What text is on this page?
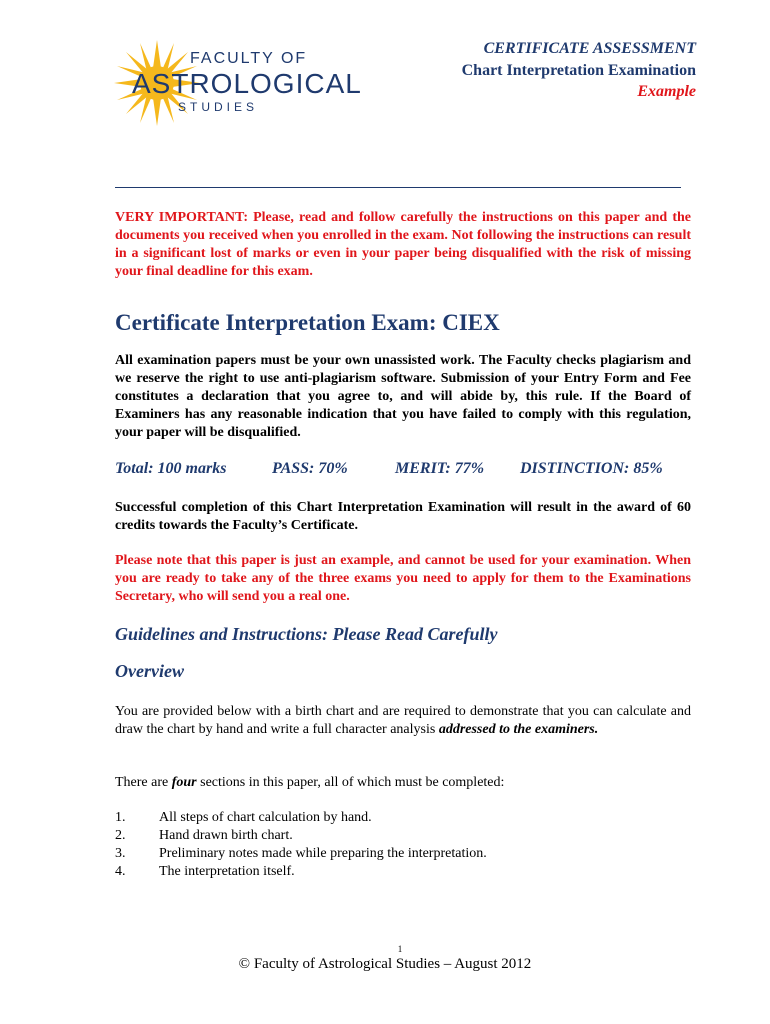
FACULTY OF
ASTROLOGICAL
STUDIES
CERTIFICATE ASSESSMENT
Chart Interpretation Examination
Example
VERY IMPORTANT: Please, read and follow carefully the instructions on this paper and the documents you received when you enrolled in the exam. Not following the instructions can result in a significant lost of marks or even in your paper being disqualified with the risk of missing your final deadline for this exam.
Certificate Interpretation Exam: CIEX
All examination papers must be your own unassisted work. The Faculty checks plagiarism and we reserve the right to use anti-plagiarism software. Submission of your Entry Form and Fee constitutes a declaration that you agree to, and will abide by, this rule. If the Board of Examiners has any reasonable indication that you have failed to comply with this regulation, your paper will be disqualified.
Total: 100 marks	PASS: 70%	MERIT: 77% DISTINCTION: 85%
Successful completion of this Chart Interpretation Examination will result in the award of 60 credits towards the Faculty’s Certificate.
Please note that this paper is just an example, and cannot be used for your examination. When you are ready to take any of the three exams you need to apply for them to the Examinations Secretary, who will send you a real one.
Guidelines and Instructions: Please Read Carefully
Overview
You are provided below with a birth chart and are required to demonstrate that you can calculate and draw the chart by hand and write a full character analysis addressed to the examiners.
There are four sections in this paper, all of which must be completed:
1.	All steps of chart calculation by hand.
2.	Hand drawn birth chart.
3.	Preliminary notes made while preparing the interpretation.
4.	The interpretation itself.
1
© Faculty of Astrological Studies – August 2012
